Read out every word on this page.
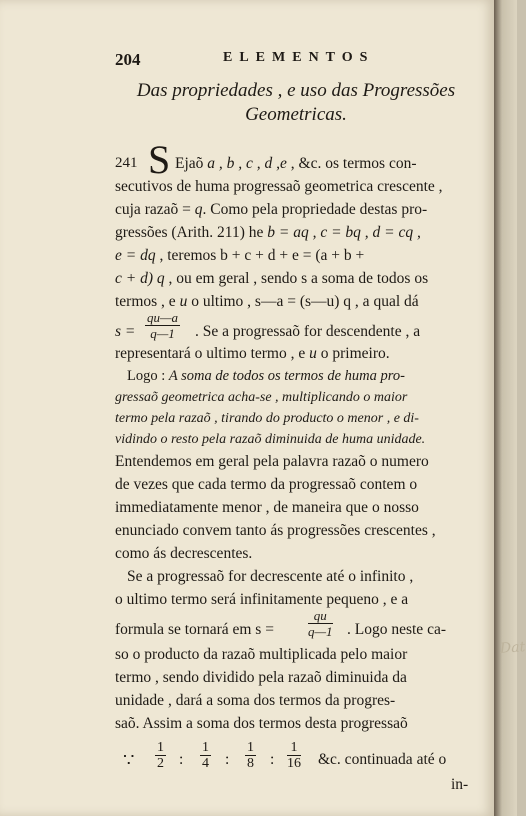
Dat
204	ELEMENTOS
Das propriedades , e uso das Progressões
Geometricas.
241 S Ejaõ a , b , c , d ,e , &c. os termos con-
secutivos de huma progressaõ geometrica crescente ,
cuja razaõ = q. Como pela propriedade destas pro-
gressões (Arith. 211) he b = aq , c = bq , d = cq ,
e = dq , teremos b + c + d + e = (a + b +
c + d) q , ou em geral , sendo s a soma de todos os
termos , e u o ultimo , s—a = (s—u) q , a qual dá
$s = \frac{qu—a}{q—1}$ . Se a progressaõ for descendente , a
representará o ultimo termo , e u o primeiro.
Logo : A soma de todos os termos de huma pro-
gressaõ geometrica acha-se , multiplicando o maior
termo pela razaõ , tirando do producto o menor , e di-
vidindo o resto pela razaõ diminuida de huma unidade.
Entendemos em geral pela palavra razaõ o numero
de vezes que cada termo da progressaõ contem o
immediatamente menor , de maneira que o nosso
enunciado convem tanto ás progressões crescentes ,
como ás decrescentes.
Se a progressaõ for decrescente até o infinito ,
o ultimo termo será infinitamente pequeno , e a
formula se tornará em s =	$\frac{qu}{q—1}$ . Logo neste ca-
so o producto da razaõ multiplicada pelo maior
termo , sendo dividido pela razaõ diminuida da
unidade , dará a soma dos termos da progres-
saõ. Assim a soma dos termos desta progressaõ
∵ $\frac{1}{2}$ : $\frac{1}{4}$ : $\frac{1}{8}$ : $\frac{1}{16}$ &c. continuada até o
in-
